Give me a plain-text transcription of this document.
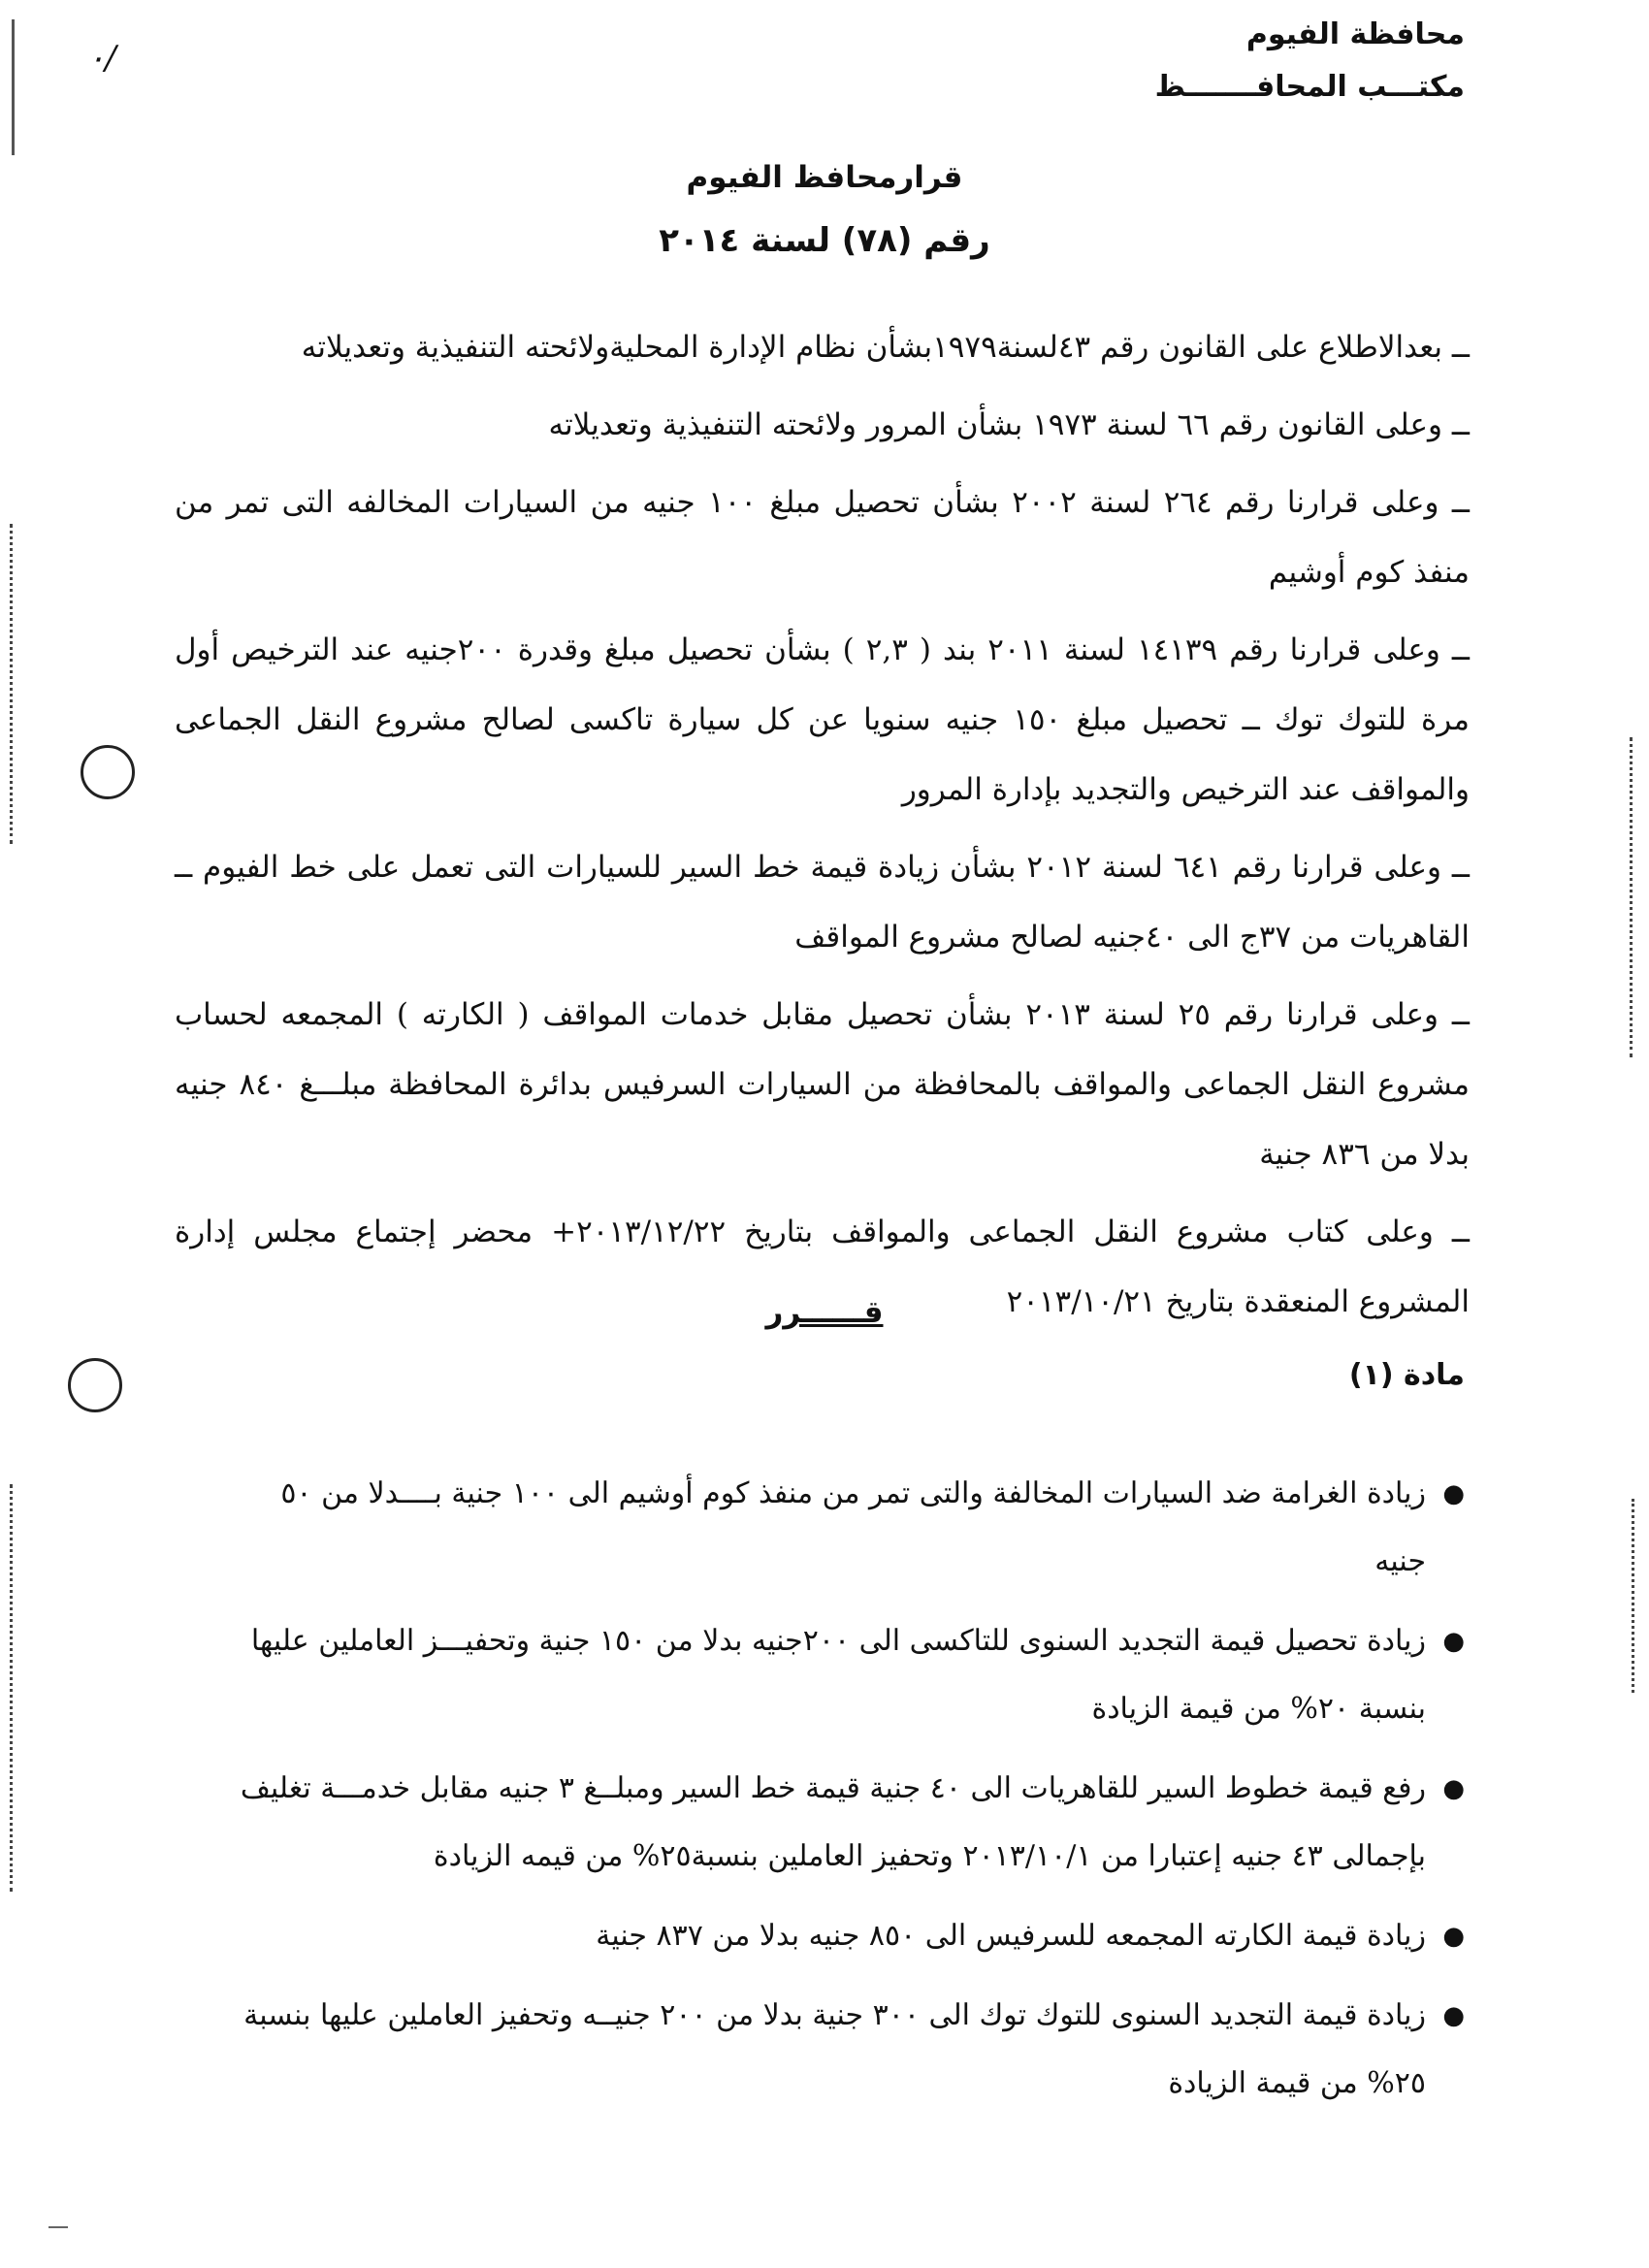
٠/
محافظة الفيوم
مكتـــب المحافـــــــظ
قرارمحافظ الفيوم
رقم (٧٨) لسنة ٢٠١٤

ــ بعدالاطلاع على القانون رقم ٤٣لسنة١٩٧٩بشأن نظام الإدارة المحليةولائحته التنفيذية وتعديلاته

ــ وعلى القانون رقم ٦٦ لسنة ١٩٧٣ بشأن المرور ولائحته التنفيذية وتعديلاته

ــ وعلى قرارنا رقم ٢٦٤ لسنة ٢٠٠٢ بشأن تحصيل مبلغ ١٠٠ جنيه من السيارات المخالفه التى تمر من منفذ كوم أوشيم

ــ وعلى قرارنا رقم ١٤١٣٩ لسنة ٢٠١١ بند ( ٢,٣ ) بشأن تحصيل مبلغ وقدرة ٢٠٠جنيه عند الترخيص أول مرة للتوك توك ــ تحصيل مبلغ ١٥٠ جنيه سنويا عن كل سيارة تاكسى لصالح مشروع النقل الجماعى والمواقف عند الترخيص والتجديد بإدارة المرور

ــ وعلى قرارنا رقم ٦٤١ لسنة ٢٠١٢ بشأن زيادة قيمة خط السير للسيارات التى تعمل على خط الفيوم ــ القاهريات من ٣٧ج الى ٤٠جنيه لصالح مشروع المواقف

ــ وعلى قرارنا رقم ٢٥ لسنة ٢٠١٣ بشأن تحصيل مقابل خدمات المواقف ( الكارته ) المجمعه لحساب مشروع النقل الجماعى والمواقف بالمحافظة من السيارات السرفيس بدائرة المحافظة مبلـــغ ٨٤٠ جنيه بدلا من ٨٣٦ جنية

ــ وعلى كتاب مشروع النقل الجماعى والمواقف بتاريخ ٢٠١٣/١٢/٢٢+ محضر إجتماع مجلس إدارة المشروع المنعقدة بتاريخ ٢٠١٣/١٠/٢١

قــــــرر
مادة (١)
●
زيادة الغرامة ضد السيارات المخالفة والتى تمر من منفذ كوم أوشيم الى ١٠٠ جنية بــــدلا من ٥٠ جنيه
●
زيادة تحصيل قيمة التجديد السنوى للتاكسى الى ٢٠٠جنيه بدلا من ١٥٠ جنية وتحفيـــز العاملين عليها بنسبة ٢٠% من قيمة الزيادة
●
رفع قيمة خطوط السير للقاهريات الى ٤٠ جنية قيمة خط السير ومبلــغ ٣ جنيه مقابل خدمـــة تغليف بإجمالى ٤٣ جنيه إعتبارا من ٢٠١٣/١٠/١ وتحفيز العاملين بنسبة٢٥% من قيمه الزيادة
●
زيادة قيمة الكارته المجمعه للسرفيس الى ٨٥٠ جنيه بدلا من ٨٣٧ جنية
●
زيادة قيمة التجديد السنوى للتوك توك الى ٣٠٠ جنية بدلا من ٢٠٠ جنيــه وتحفيز العاملين عليها بنسبة ٢٥% من قيمة الزيادة
